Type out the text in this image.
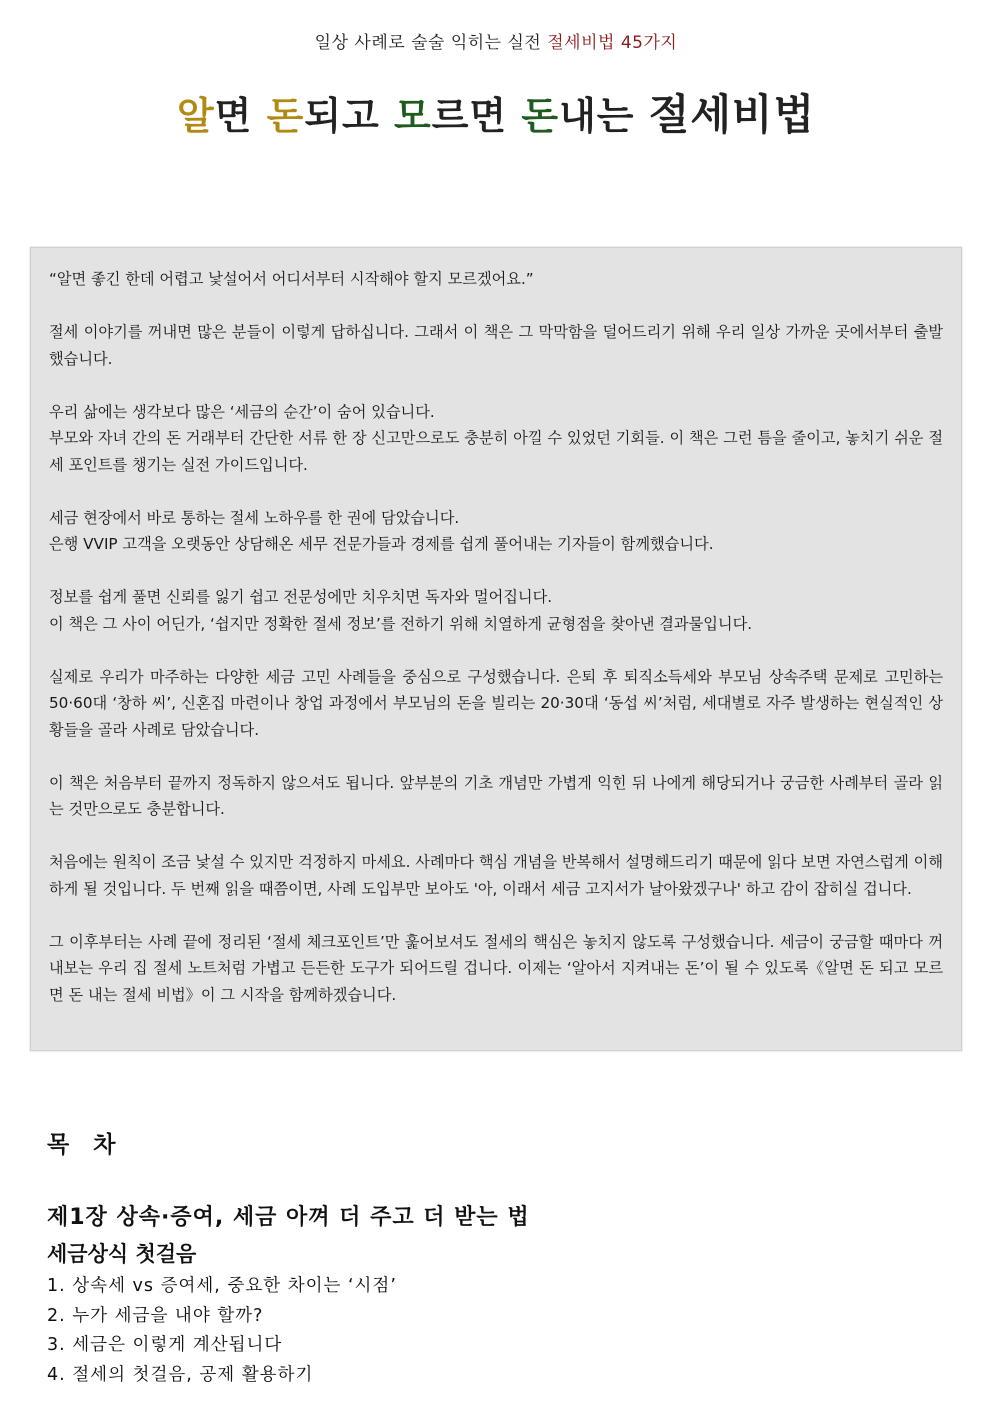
일상 사례로 술술 익히는 실전 절세비법 45가지
알면 돈되고 모르면 돈내는 절세비법

“알면 좋긴 한데 어렵고 낯설어서 어디서부터 시작해야 할지 모르겠어요.”

절세 이야기를 꺼내면 많은 분들이 이렇게 답하십니다. 그래서 이 책은 그 막막함을 덜어드리기 위해 우리 일상 가까운 곳에서부터 출발했습니다.

우리 삶에는 생각보다 많은 ‘세금의 순간’이 숨어 있습니다.
부모와 자녀 간의 돈 거래부터 간단한 서류 한 장 신고만으로도 충분히 아낄 수 있었던 기회들. 이 책은 그런 틈을 줄이고, 놓치기 쉬운 절세 포인트를 챙기는 실전 가이드입니다.

세금 현장에서 바로 통하는 절세 노하우를 한 권에 담았습니다.
은행 VVIP 고객을 오랫동안 상담해온 세무 전문가들과 경제를 쉽게 풀어내는 기자들이 함께했습니다.

정보를 쉽게 풀면 신뢰를 잃기 쉽고 전문성에만 치우치면 독자와 멀어집니다.
이 책은 그 사이 어딘가, ‘쉽지만 정확한 절세 정보’를 전하기 위해 치열하게 균형점을 찾아낸 결과물입니다.

실제로 우리가 마주하는 다양한 세금 고민 사례들을 중심으로 구성했습니다. 은퇴 후 퇴직소득세와 부모님 상속주택 문제로 고민하는 50·60대 ‘창하 씨’, 신혼집 마련이나 창업 과정에서 부모님의 돈을 빌리는 20·30대 ‘동섭 씨’처럼, 세대별로 자주 발생하는 현실적인 상황들을 골라 사례로 담았습니다.

이 책은 처음부터 끝까지 정독하지 않으셔도 됩니다. 앞부분의 기초 개념만 가볍게 익힌 뒤 나에게 해당되거나 궁금한 사례부터 골라 읽는 것만으로도 충분합니다.

처음에는 원칙이 조금 낯설 수 있지만 걱정하지 마세요. 사례마다 핵심 개념을 반복해서 설명해드리기 때문에 읽다 보면 자연스럽게 이해하게 될 것입니다. 두 번째 읽을 때쯤이면, 사례 도입부만 보아도 '아, 이래서 세금 고지서가 날아왔겠구나' 하고 감이 잡히실 겁니다.

그 이후부터는 사례 끝에 정리된 ‘절세 체크포인트’만 훑어보셔도 절세의 핵심은 놓치지 않도록 구성했습니다. 세금이 궁금할 때마다 꺼내보는 우리 집 절세 노트처럼 가볍고 든든한 도구가 되어드릴 겁니다. 이제는 ‘알아서 지켜내는 돈’이 될 수 있도록《알면 돈 되고 모르면 돈 내는 절세 비법》이 그 시작을 함께하겠습니다.

목 차
제1장 상속·증여, 세금 아껴 더 주고 더 받는 법
세금상식 첫걸음
1. 상속세 vs 증여세, 중요한 차이는 ‘시점’
2. 누가 세금을 내야 할까?
3. 세금은 이렇게 계산됩니다
4. 절세의 첫걸음, 공제 활용하기
